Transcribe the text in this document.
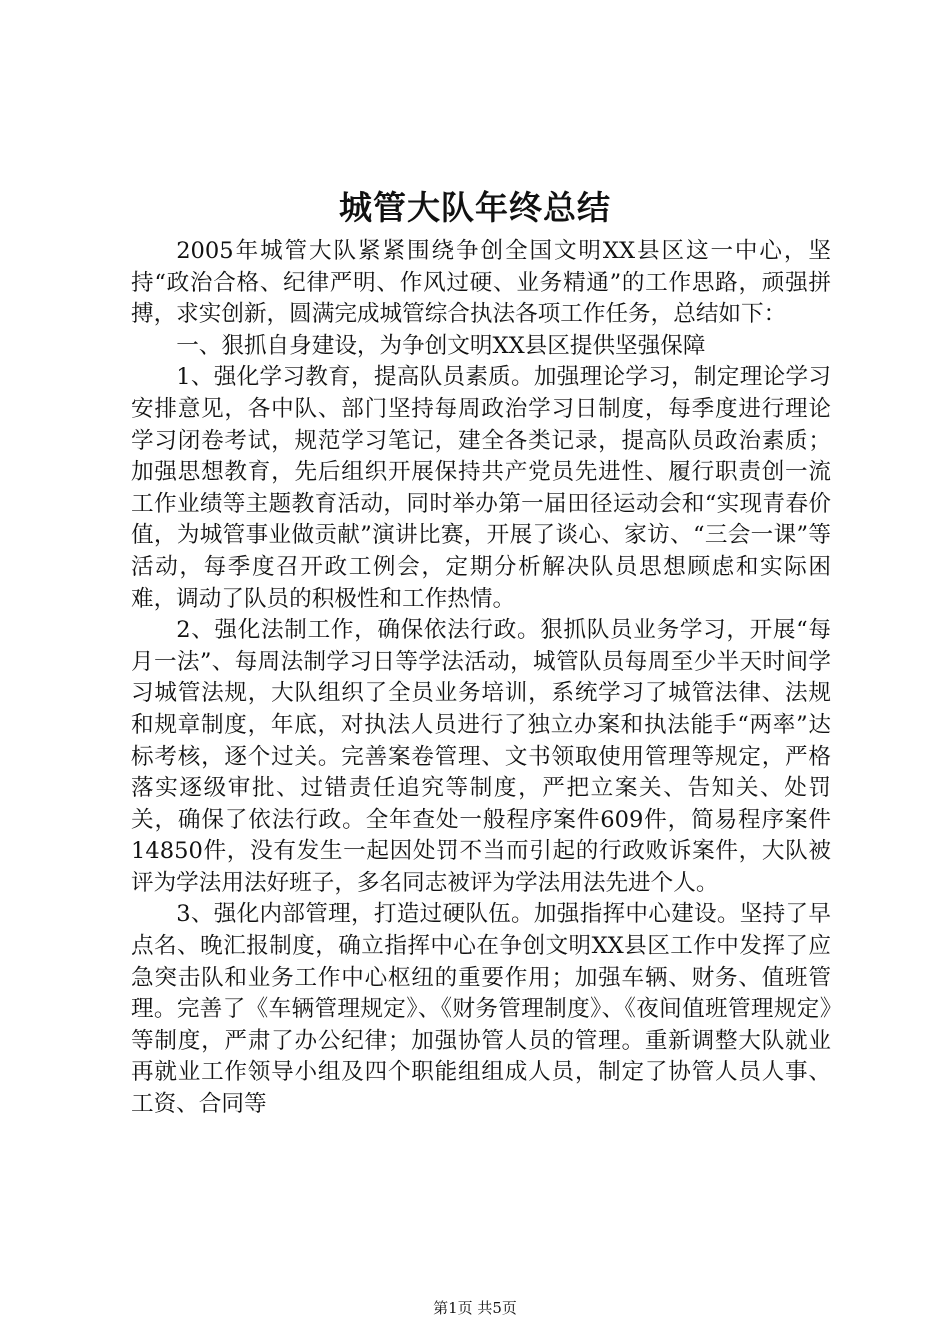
城管大队年终总结

2005年城管大队紧紧围绕争创全国文明XX县区这一中心，坚持“政治合格、纪律严明、作风过硬、业务精通”的工作思路，顽强拼搏，求实创新，圆满完成城管综合执法各项工作任务，总结如下：

一、狠抓自身建设，为争创文明XX县区提供坚强保障

1、强化学习教育，提高队员素质。加强理论学习，制定理论学习安排意见，各中队、部门坚持每周政治学习日制度，每季度进行理论学习闭卷考试，规范学习笔记，建全各类记录，提高队员政治素质；加强思想教育，先后组织开展保持共产党员先进性、履行职责创一流工作业绩等主题教育活动，同时举办第一届田径运动会和“实现青春价值，为城管事业做贡献”演讲比赛，开展了谈心、家访、“三会一课”等活动，每季度召开政工例会，定期分析解决队员思想顾虑和实际困难，调动了队员的积极性和工作热情。

2、强化法制工作，确保依法行政。狠抓队员业务学习，开展“每月一法”、每周法制学习日等学法活动，城管队员每周至少半天时间学习城管法规，大队组织了全员业务培训，系统学习了城管法律、法规和规章制度，年底，对执法人员进行了独立办案和执法能手“两率”达标考核，逐个过关。完善案卷管理、文书领取使用管理等规定，严格落实逐级审批、过错责任追究等制度，严把立案关、告知关、处罚关，确保了依法行政。全年查处一般程序案件609件，简易程序案件14850件，没有发生一起因处罚不当而引起的行政败诉案件，大队被评为学法用法好班子，多名同志被评为学法用法先进个人。

3、强化内部管理，打造过硬队伍。加强指挥中心建设。坚持了早点名、晚汇报制度，确立指挥中心在争创文明XX县区工作中发挥了应急突击队和业务工作中心枢纽的重要作用；加强车辆、财务、值班管理。完善了《车辆管理规定》、《财务管理制度》、《夜间值班管理规定》等制度，严肃了办公纪律；加强协管人员的管理。重新调整大队就业再就业工作领导小组及四个职能组组成人员，制定了协管人员人事、工资、合同等

第1页 共5页
